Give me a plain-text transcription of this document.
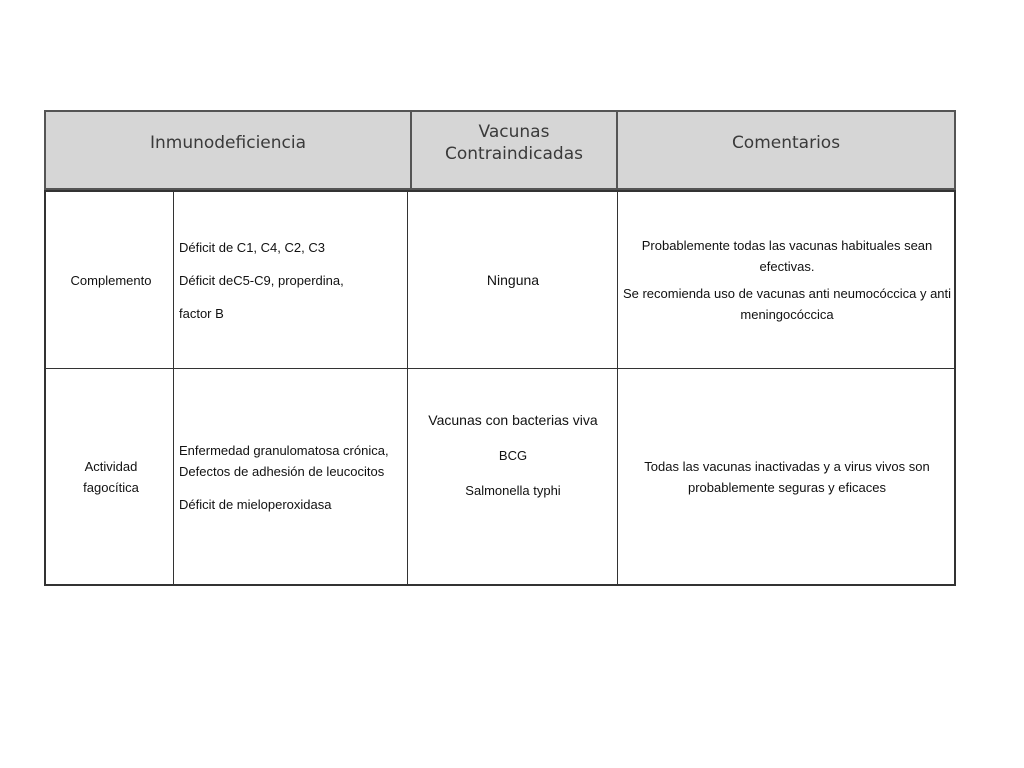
Inmunodeficiencia
Vacunas
Contraindicadas
Comentarios

Complemento

Déficit de C1, C4, C2, C3

Déficit deC5-C9, properdina,

factor B

Ninguna

Probablemente todas las vacunas habituales sean efectivas.

Se recomienda uso de vacunas anti neumocóccica y anti meningocóccica

Actividad

fagocítica

Enfermedad granulomatosa crónica, Defectos de adhesión de leucocitos

Déficit de mieloperoxidasa

Vacunas con bacterias viva

BCG

Salmonella typhi

Todas las vacunas inactivadas y a virus vivos son probablemente seguras y eficaces
